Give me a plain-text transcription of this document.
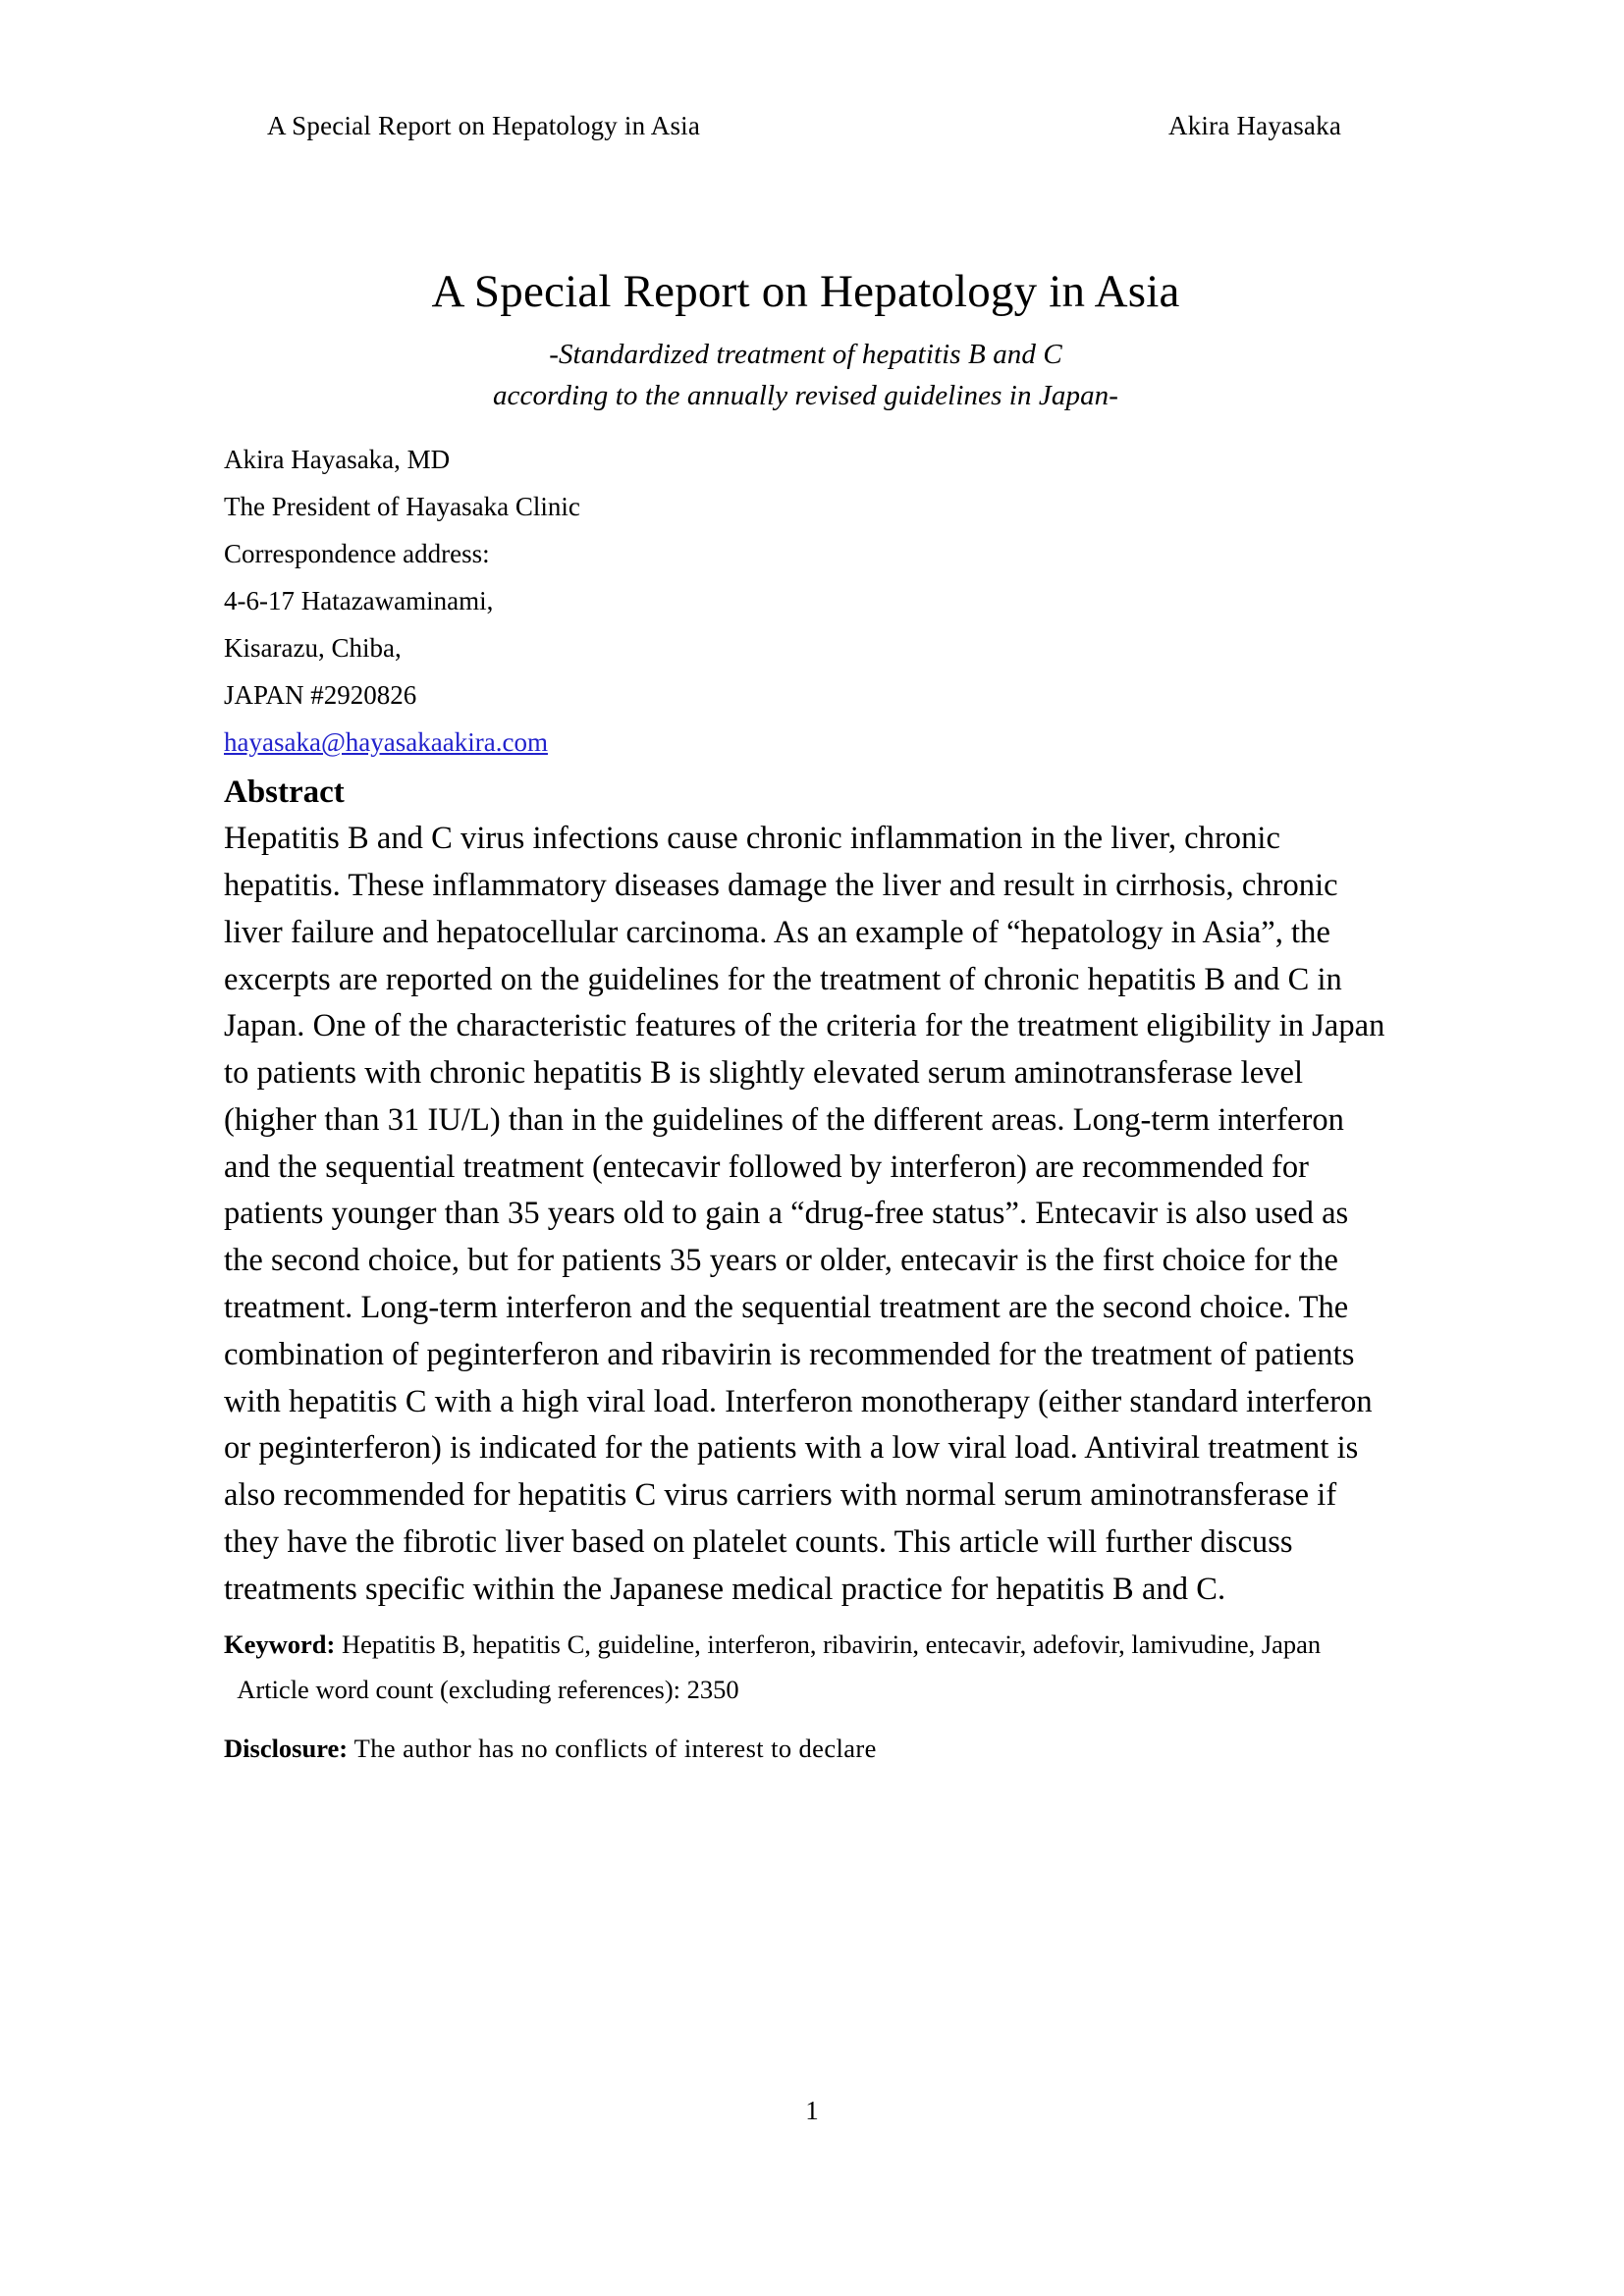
A Special Report on Hepatology in Asia	Akira Hayasaka
A Special Report on Hepatology in Asia
-Standardized treatment of hepatitis B and C
according to the annually revised guidelines in Japan-
Akira Hayasaka, MD
The President of Hayasaka Clinic
Correspondence address:
4-6-17 Hatazawaminami,
Kisarazu, Chiba,
JAPAN #2920826
hayasaka@hayasakaakira.com
Abstract

Hepatitis B and C virus infections cause chronic inflammation in the liver, chronic hepatitis. These inflammatory diseases damage the liver and result in cirrhosis, chronic liver failure and hepatocellular carcinoma. As an example of “hepatology in Asia”, the excerpts are reported on the guidelines for the treatment of chronic hepatitis B and C in Japan. One of the characteristic features of the criteria for the treatment eligibility in Japan to patients with chronic hepatitis B is slightly elevated serum aminotransferase level (higher than 31 IU/L) than in the guidelines of the different areas. Long-term interferon and the sequential treatment (entecavir followed by interferon) are recommended for patients younger than 35 years old to gain a “drug-free status”. Entecavir is also used as the second choice, but for patients 35 years or older, entecavir is the first choice for the treatment. Long-term interferon and the sequential treatment are the second choice. The combination of peginterferon and ribavirin is recommended for the treatment of patients with hepatitis C with a high viral load. Interferon monotherapy (either standard interferon or peginterferon) is indicated for the patients with a low viral load. Antiviral treatment is also recommended for hepatitis C virus carriers with normal serum aminotransferase if they have the fibrotic liver based on platelet counts. This article will further discuss treatments specific within the Japanese medical practice for hepatitis B and C.

Keyword: Hepatitis B, hepatitis C, guideline, interferon, ribavirin, entecavir, adefovir, lamivudine, Japan   Article word count (excluding references): 2350

Disclosure: The author has no conflicts of interest to declare

1
